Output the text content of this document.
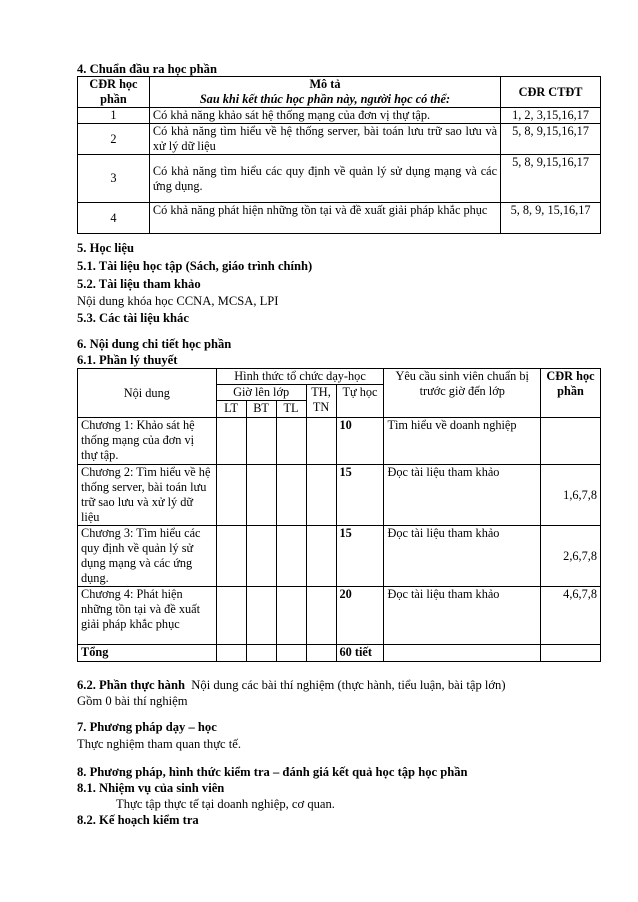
4. Chuẩn đầu ra học phần
CĐR học phần	Mô tả
Sau khi kết thúc học phần này, người học có thể:	CĐR CTĐT
1	Có khả năng khảo sát hệ thống mạng của đơn vị thự tập.	1, 2, 3,15,16,17
2	Có khả năng tìm hiểu về hệ thống server, bài toán lưu trữ sao lưu và xử lý dữ liệu	5, 8, 9,15,16,17
3	Có khả năng tìm hiểu các quy định về quản lý sử dụng mạng và các ứng dụng.	5, 8, 9,15,16,17
4	Có khả năng phát hiện những tồn tại và đề xuất giải pháp khắc phục	5, 8, 9, 15,16,17
5. Học liệu
5.1. Tài liệu học tập (Sách, giáo trình chính)
5.2. Tài liệu tham khảo
Nội dung khóa học CCNA, MCSA, LPI
5.3. Các tài liệu khác
6. Nội dung chi tiết học phần
6.1. Phần lý thuyết
Nội dung	Hình thức tổ chức dạy-học					Yêu cầu sinh viên chuẩn bị trước giờ đến lớp	CĐR học phần
	Giờ lên lớp			TH, TN	Tự học		
	LT	BT	TL				
Chương 1: Khảo sát hệ thống mạng của đơn vị thự tập.					10	Tìm hiểu về doanh nghiệp	
Chương 2: Tìm hiểu về hệ thống server, bài toán lưu trữ sao lưu và xử lý dữ liệu					15	Đọc tài liệu tham khảo	1,6,7,8
Chương 3: Tìm hiểu các quy định về quản lý sử dụng mạng và các ứng dụng.					15	Đọc tài liệu tham khảo	2,6,7,8
Chương 4: Phát hiện những tồn tại và đề xuất giải pháp khắc phục					20	Đọc tài liệu tham khảo	4,6,7,8
Tổng					60 tiết		
6.2. Phần thực hành Nội dung các bài thí nghiệm (thực hành, tiểu luận, bài tập lớn)
Gồm 0 bài thí nghiệm
7. Phương pháp dạy – học
Thực nghiệm tham quan thực tế.
8. Phương pháp, hình thức kiểm tra – đánh giá kết quả học tập học phần
8.1. Nhiệm vụ của sinh viên
Thực tập thực tế tại doanh nghiệp, cơ quan.
8.2. Kế hoạch kiểm tra
